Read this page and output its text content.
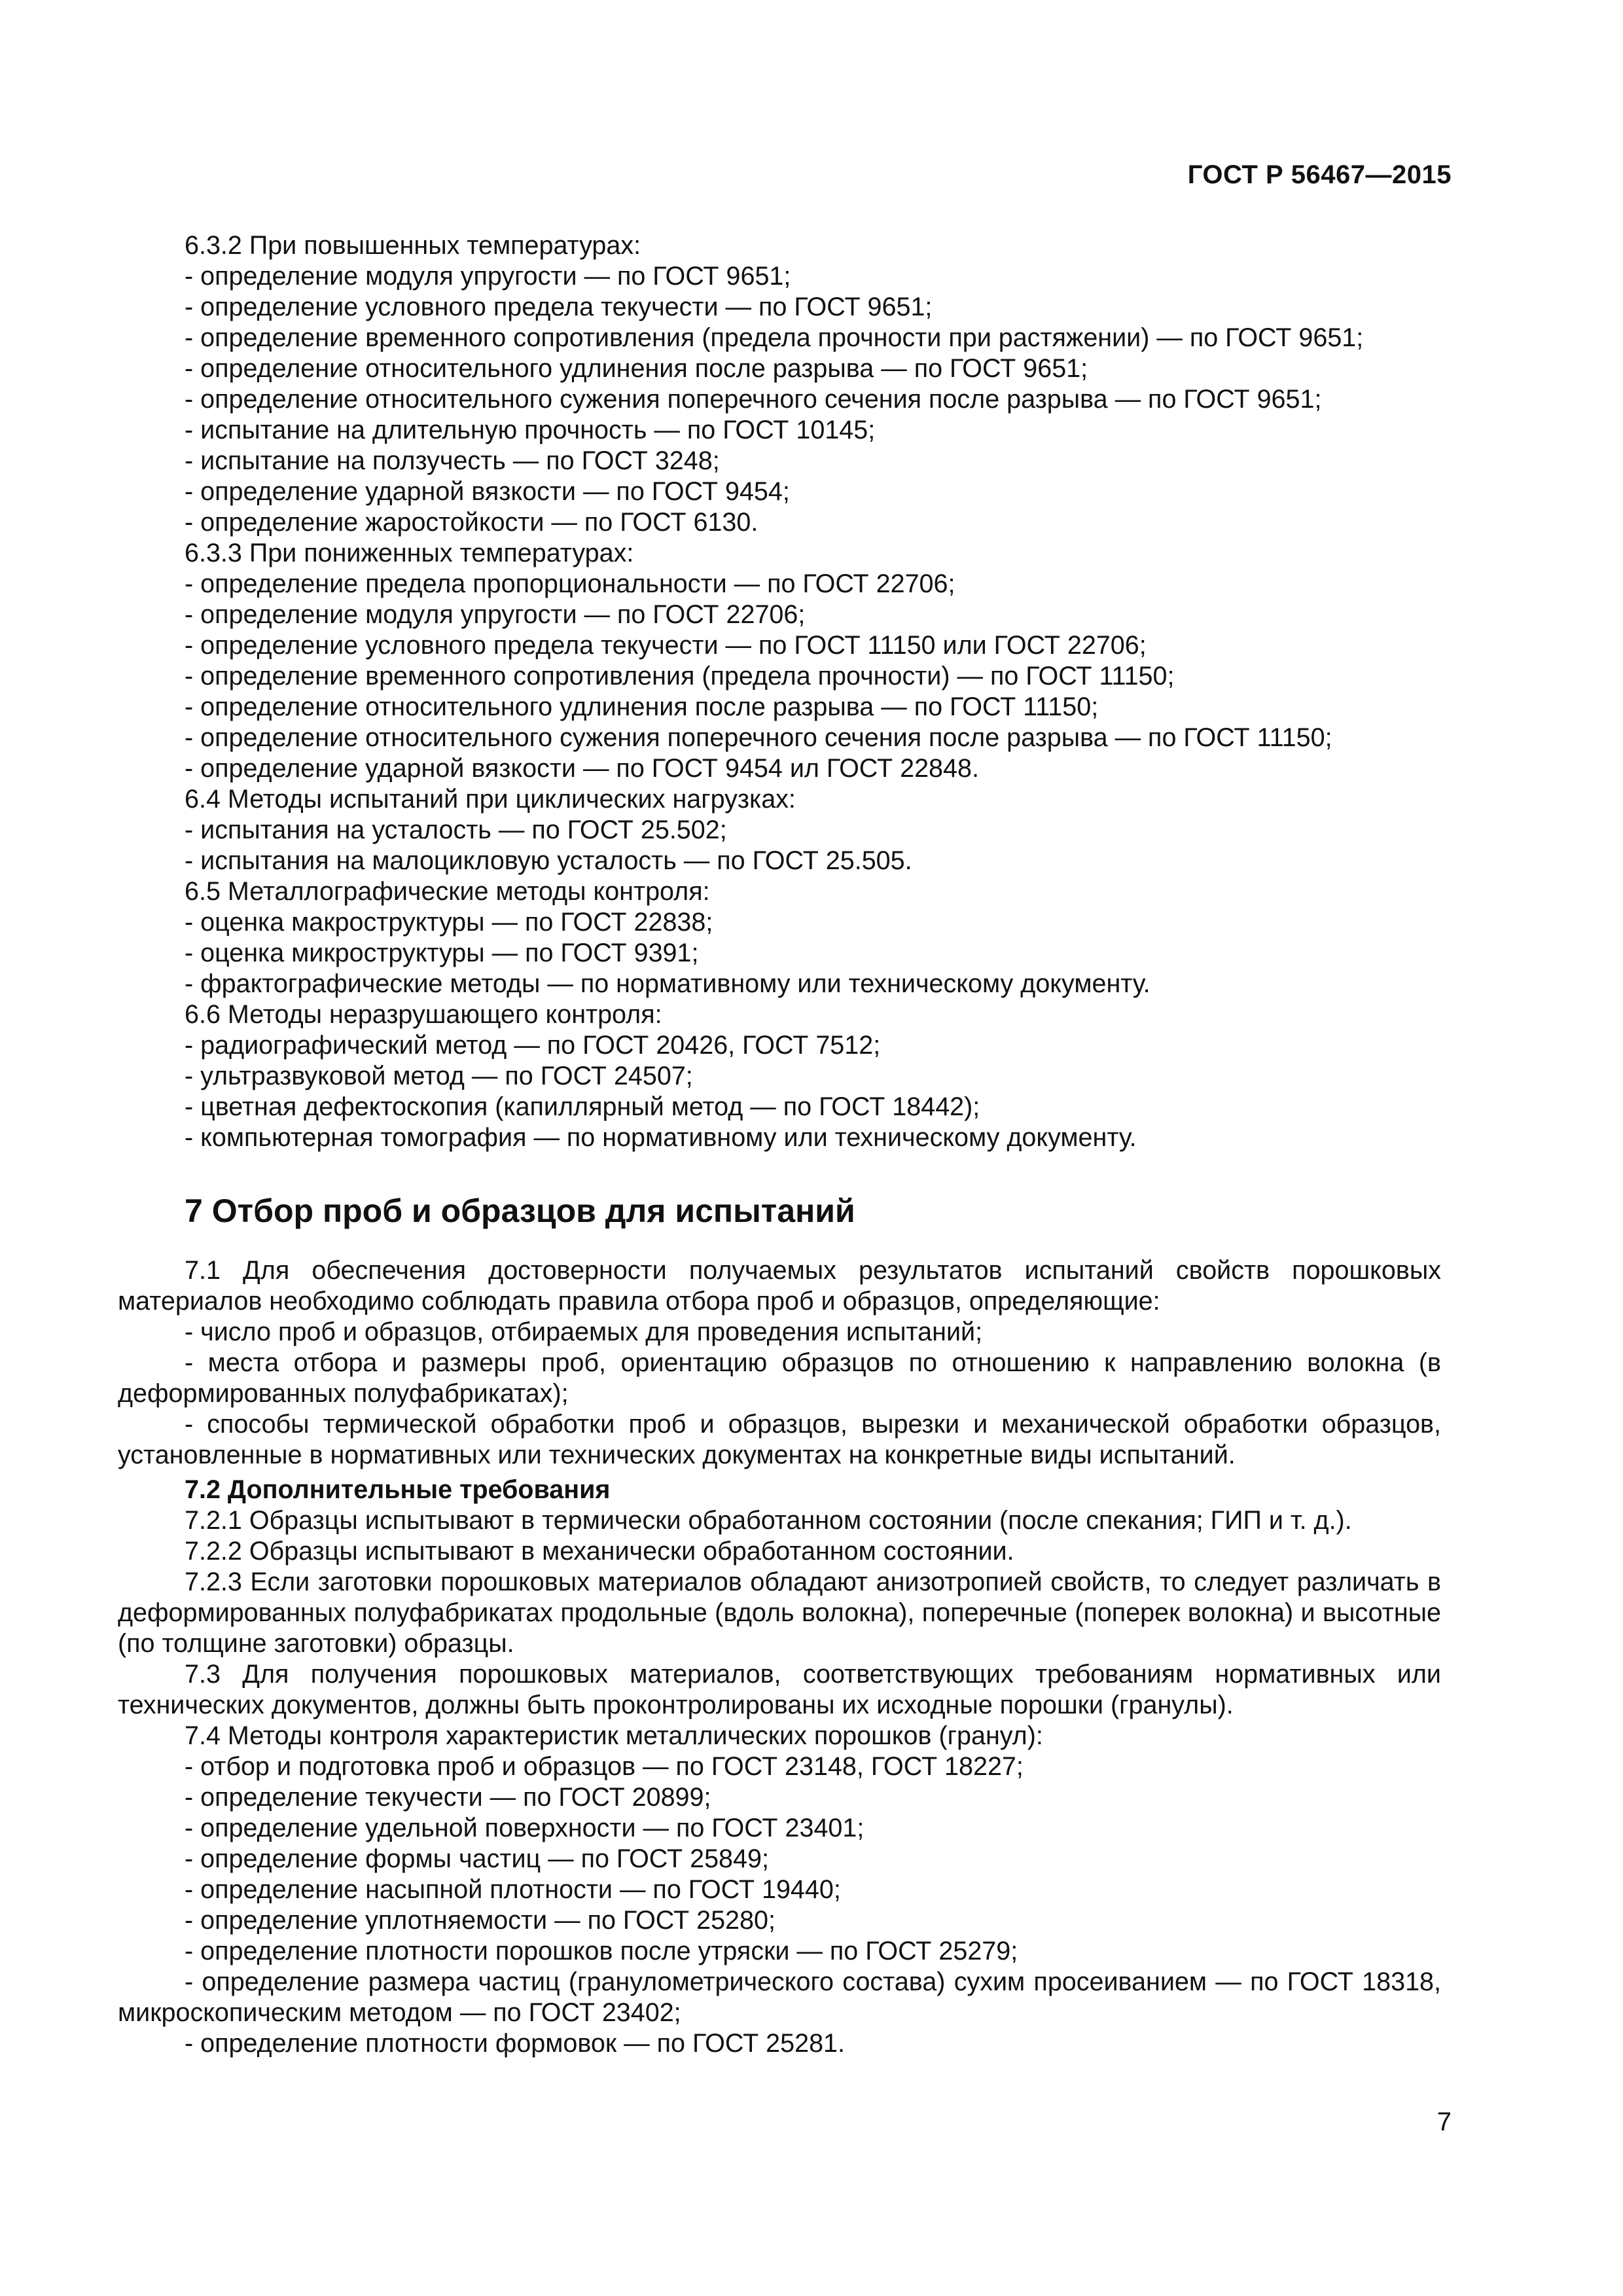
ГОСТ Р 56467—2015

6.3.2 При повышенных температурах:

- определение модуля упругости — по ГОСТ 9651;

- определение условного предела текучести — по ГОСТ 9651;

- определение временного сопротивления (предела прочности при растяжении) — по ГОСТ 9651;

- определение относительного удлинения после разрыва — по ГОСТ 9651;

- определение относительного сужения поперечного сечения после разрыва — по ГОСТ 9651;

- испытание на длительную прочность — по ГОСТ 10145;

- испытание на ползучесть — по ГОСТ 3248;

- определение ударной вязкости — по ГОСТ 9454;

- определение жаростойкости — по ГОСТ 6130.

6.3.3 При пониженных температурах:

- определение предела пропорциональности — по ГОСТ 22706;

- определение модуля упругости — по ГОСТ 22706;

- определение условного предела текучести — по ГОСТ 11150 или ГОСТ 22706;

- определение временного сопротивления (предела прочности) — по ГОСТ 11150;

- определение относительного удлинения после разрыва — по ГОСТ 11150;

- определение относительного сужения поперечного сечения после разрыва — по ГОСТ 11150;

- определение ударной вязкости — по ГОСТ 9454 ил ГОСТ 22848.

6.4 Методы испытаний при циклических нагрузках:

- испытания на усталость — по ГОСТ 25.502;

- испытания на малоцикловую усталость — по ГОСТ 25.505.

6.5 Металлографические методы контроля:

- оценка макроструктуры — по ГОСТ 22838;

- оценка микроструктуры — по ГОСТ 9391;

- фрактографические методы — по нормативному или техническому документу.

6.6 Методы неразрушающего контроля:

- радиографический метод — по ГОСТ 20426, ГОСТ 7512;

- ультразвуковой метод — по ГОСТ 24507;

- цветная дефектоскопия (капиллярный метод — по ГОСТ 18442);

- компьютерная томография — по нормативному или техническому документу.

7 Отбор проб и образцов для испытаний

7.1 Для обеспечения достоверности получаемых результатов испытаний свойств порошковых материалов необходимо соблюдать правила отбора проб и образцов, определяющие:

- число проб и образцов, отбираемых для проведения испытаний;

- места отбора и размеры проб, ориентацию образцов по отношению к направлению волокна (в деформированных полуфабрикатах);

- способы термической обработки проб и образцов, вырезки и механической обработки образцов, установленные в нормативных или технических документах на конкретные виды испытаний.

7.2 Дополнительные требования

7.2.1 Образцы испытывают в термически обработанном состоянии (после спекания; ГИП и т. д.).

7.2.2 Образцы испытывают в механически обработанном состоянии.

7.2.3 Если заготовки порошковых материалов обладают анизотропией свойств, то следует различать в деформированных полуфабрикатах продольные (вдоль волокна), поперечные (поперек волокна) и высотные (по толщине заготовки) образцы.

7.3 Для получения порошковых материалов, соответствующих требованиям нормативных или технических документов, должны быть проконтролированы их исходные порошки (гранулы).

7.4 Методы контроля характеристик металлических порошков (гранул):

- отбор и подготовка проб и образцов — по ГОСТ 23148, ГОСТ 18227;

- определение текучести — по ГОСТ 20899;

- определение удельной поверхности — по ГОСТ 23401;

- определение формы частиц — по ГОСТ 25849;

- определение насыпной плотности — по ГОСТ 19440;

- определение уплотняемости — по ГОСТ 25280;

- определение плотности порошков после утряски — по ГОСТ 25279;

- определение размера частиц (гранулометрического состава) сухим просеиванием — по ГОСТ 18318, микроскопическим методом — по ГОСТ 23402;

- определение плотности формовок — по ГОСТ 25281.

7
